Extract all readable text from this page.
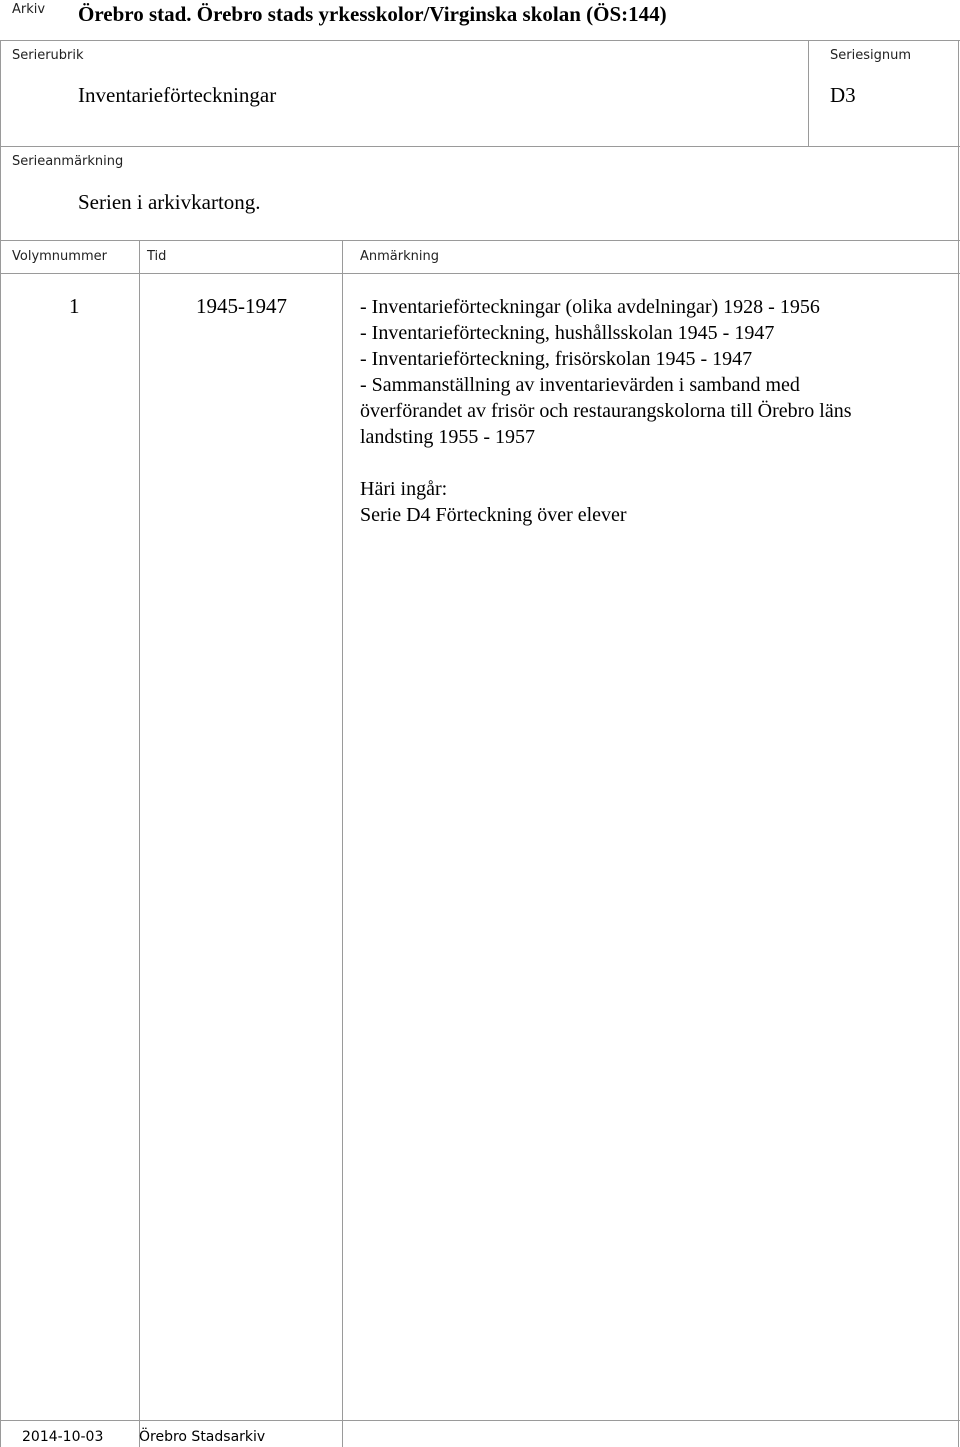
Arkiv Örebro stad. Örebro stads yrkesskolor/Virginska skolan (ÖS:144)
Serierubrik
Inventarieförteckningar
Seriesignum
D3
Serieanmärkning
Serien i arkivkartong.
Volymnummer	Tid	Anmärkning
1	1945-1947	- Inventarieförteckningar (olika avdelningar) 1928 - 1956
- Inventarieförteckning, hushållsskolan 1945 - 1947
- Inventarieförteckning, frisörskolan 1945 - 1947
- Sammanställning av inventarievärden i samband med
överförandet av frisör och restaurangskolorna till Örebro läns
landsting 1955 - 1957
Häri ingår:
Serie D4 Förteckning över elever
2014-10-03	Örebro Stadsarkiv
